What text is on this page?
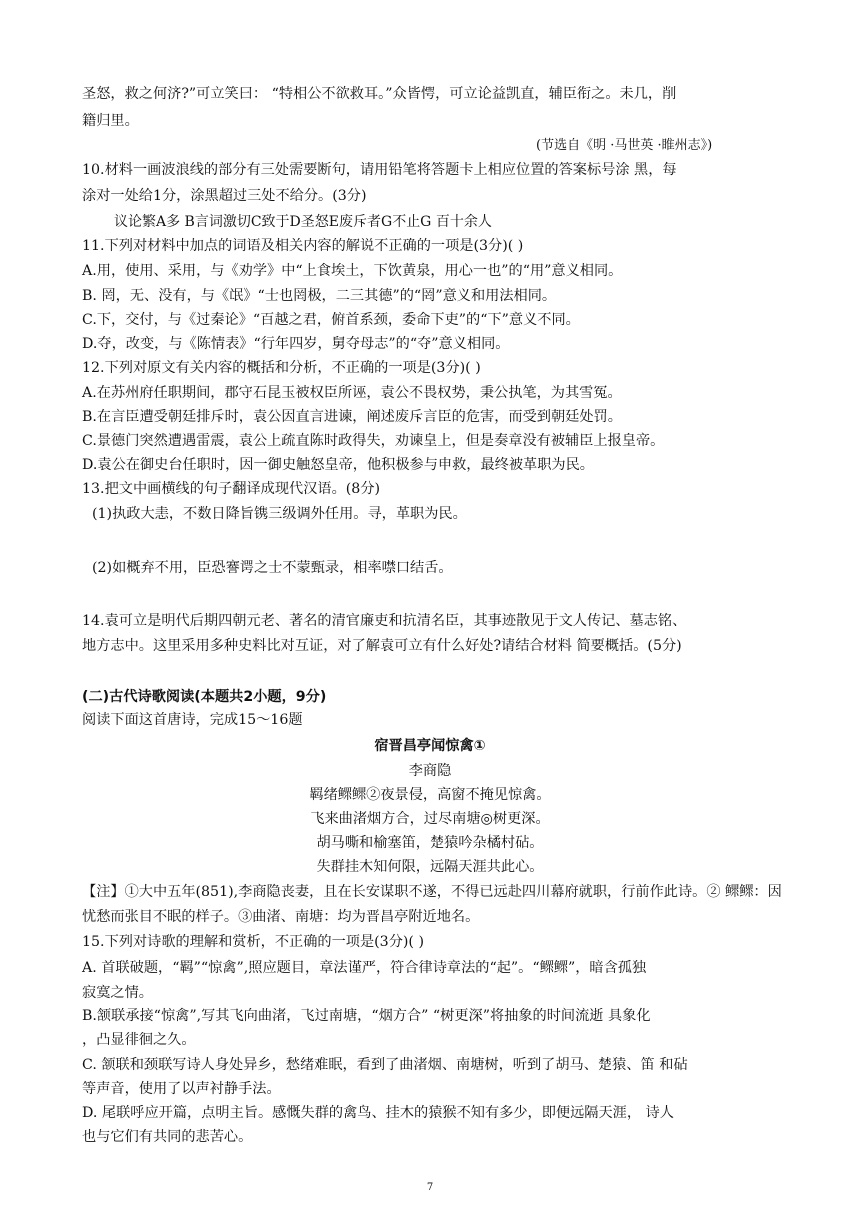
圣怒，救之何济?”可立笑曰： “特相公不欲救耳。”众皆愕，可立论益凯直，辅臣衔之。未几，削
籍归里。
(节选自《明 ·马世英 ·睢州志》)
10.材料一画波浪线的部分有三处需要断句，请用铅笔将答题卡上相应位置的答案标号涂 黑，每
涂对一处给1分，涂黑超过三处不给分。(3分)
议论繁A多 B言词激切C致于D圣怒E废斥者G不止G 百十余人
11.下列对材料中加点的词语及相关内容的解说不正确的一项是(3分)( )
A.用，使用、采用，与《劝学》中“上食埃土，下饮黄泉，用心一也”的“用”意义相同。
B. 罔，无、没有，与《氓》“士也罔极，二三其德”的“罔”意义和用法相同。
C.下，交付，与《过秦论》“百越之君，俯首系颈，委命下吏”的“下”意义不同。
D.夺，改变，与《陈情表》“行年四岁，舅夺母志”的“夺”意义相同。
12.下列对原文有关内容的概括和分析，不正确的一项是(3分)( )
A.在苏州府任职期间，郡守石昆玉被权臣所诬，袁公不畏权势，秉公执笔，为其雪冤。
B.在言臣遭受朝廷排斥时，袁公因直言进谏，阐述废斥言臣的危害，而受到朝廷处罚。
C.景德门突然遭遇雷震，袁公上疏直陈时政得失，劝谏皇上，但是奏章没有被辅臣上报皇帝。
D.袁公在御史台任职时，因一御史触怒皇帝，他积极参与申救，最终被革职为民。
13.把文中画横线的句子翻译成现代汉语。(8分)
(1)执政大恚，不数日降旨镌三级调外任用。寻，革职为民。
(2)如概弃不用，臣恐謇谔之士不蒙甄录，相率噤口结舌。
14.袁可立是明代后期四朝元老、著名的清官廉吏和抗清名臣，其事迹散见于文人传记、墓志铭、
地方志中。这里采用多种史料比对互证，对了解袁可立有什么好处?请结合材料 简要概括。(5分)
(二)古代诗歌阅读(本题共2小题，9分)
阅读下面这首唐诗，完成15～16题
宿晋昌亭闻惊禽①
李商隐
羁绪鳏鳏②夜景侵，高窗不掩见惊禽。
飞来曲渚烟方合，过尽南塘◎树更深。
胡马嘶和榆塞笛，楚猿吟杂橘村砧。
失群挂木知何限，远隔天涯共此心。
【注】①大中五年(851),李商隐丧妻，且在长安谋职不遂，不得已远赴四川幕府就职，行前作此诗。② 鳏鳏：因
忧愁而张目不眠的样子。③曲渚、南塘：均为晋昌亭附近地名。
15.下列对诗歌的理解和赏析，不正确的一项是(3分)( )
A. 首联破题，“羁”“惊禽”,照应题目，章法谨严，符合律诗章法的“起”。“鳏鳏”，暗含孤独
寂寞之情。
B.颔联承接“惊禽”,写其飞向曲渚，飞过南塘，“烟方合” “树更深”将抽象的时间流逝 具象化
，凸显徘徊之久。
C. 颔联和颈联写诗人身处异乡，愁绪难眠，看到了曲渚烟、南塘树，听到了胡马、楚猿、笛 和砧
等声音，使用了以声衬静手法。
D. 尾联呼应开篇，点明主旨。感慨失群的禽鸟、挂木的猿猴不知有多少，即便远隔天涯， 诗人
也与它们有共同的悲苦心。
7
